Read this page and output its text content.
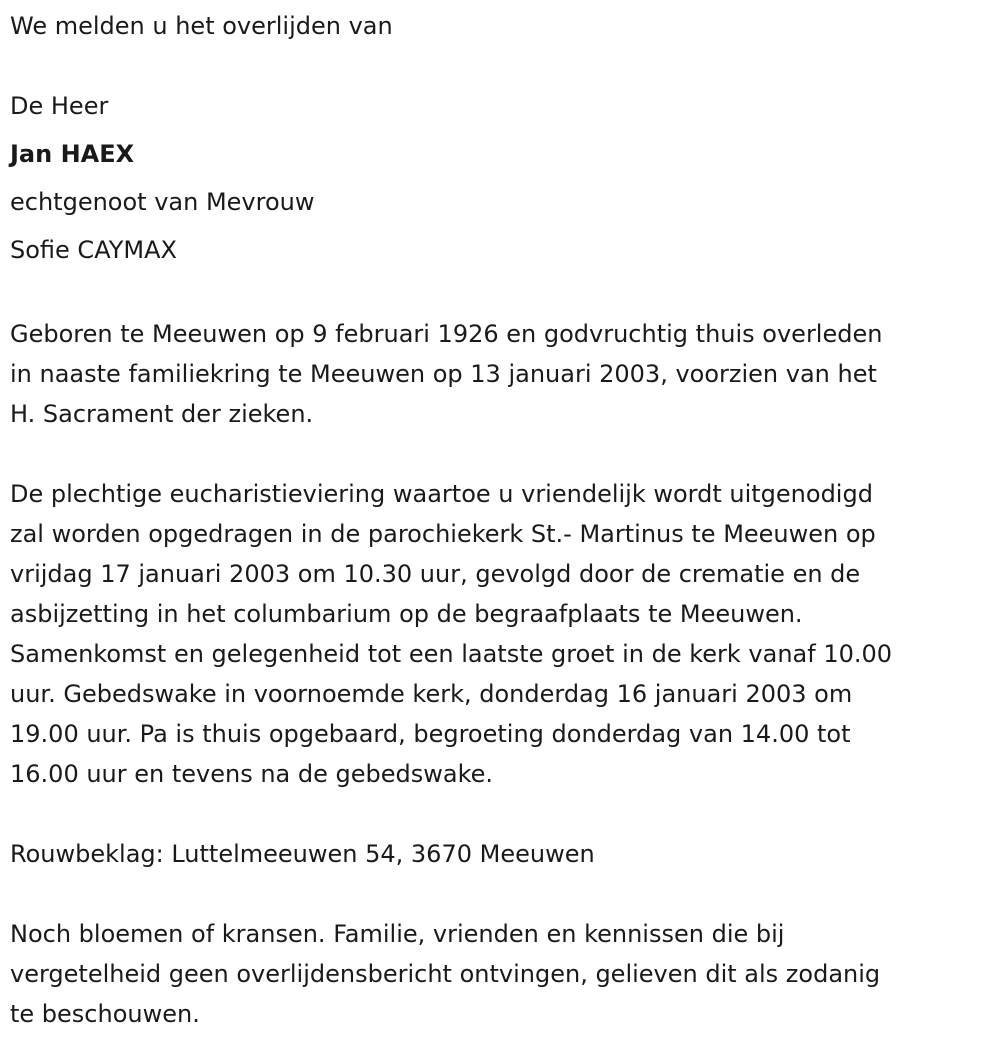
We melden u het overlijden van

De Heer

Jan HAEX

echtgenoot van Mevrouw

Sofie CAYMAX

Geboren te Meeuwen op 9 februari 1926 en godvruchtig thuis overleden
in naaste familiekring te Meeuwen op 13 januari 2003, voorzien van het
H. Sacrament der zieken.

De plechtige eucharistieviering waartoe u vriendelijk wordt uitgenodigd
zal worden opgedragen in de parochiekerk St.- Martinus te Meeuwen op
vrijdag 17 januari 2003 om 10.30 uur, gevolgd door de crematie en de
asbijzetting in het columbarium op de begraafplaats te Meeuwen.
Samenkomst en gelegenheid tot een laatste groet in de kerk vanaf 10.00
uur. Gebedswake in voornoemde kerk, donderdag 16 januari 2003 om
19.00 uur. Pa is thuis opgebaard, begroeting donderdag van 14.00 tot
16.00 uur en tevens na de gebedswake.

Rouwbeklag: Luttelmeeuwen 54, 3670 Meeuwen

Noch bloemen of kransen. Familie, vrienden en kennissen die bij
vergetelheid geen overlijdensbericht ontvingen, gelieven dit als zodanig
te beschouwen.
